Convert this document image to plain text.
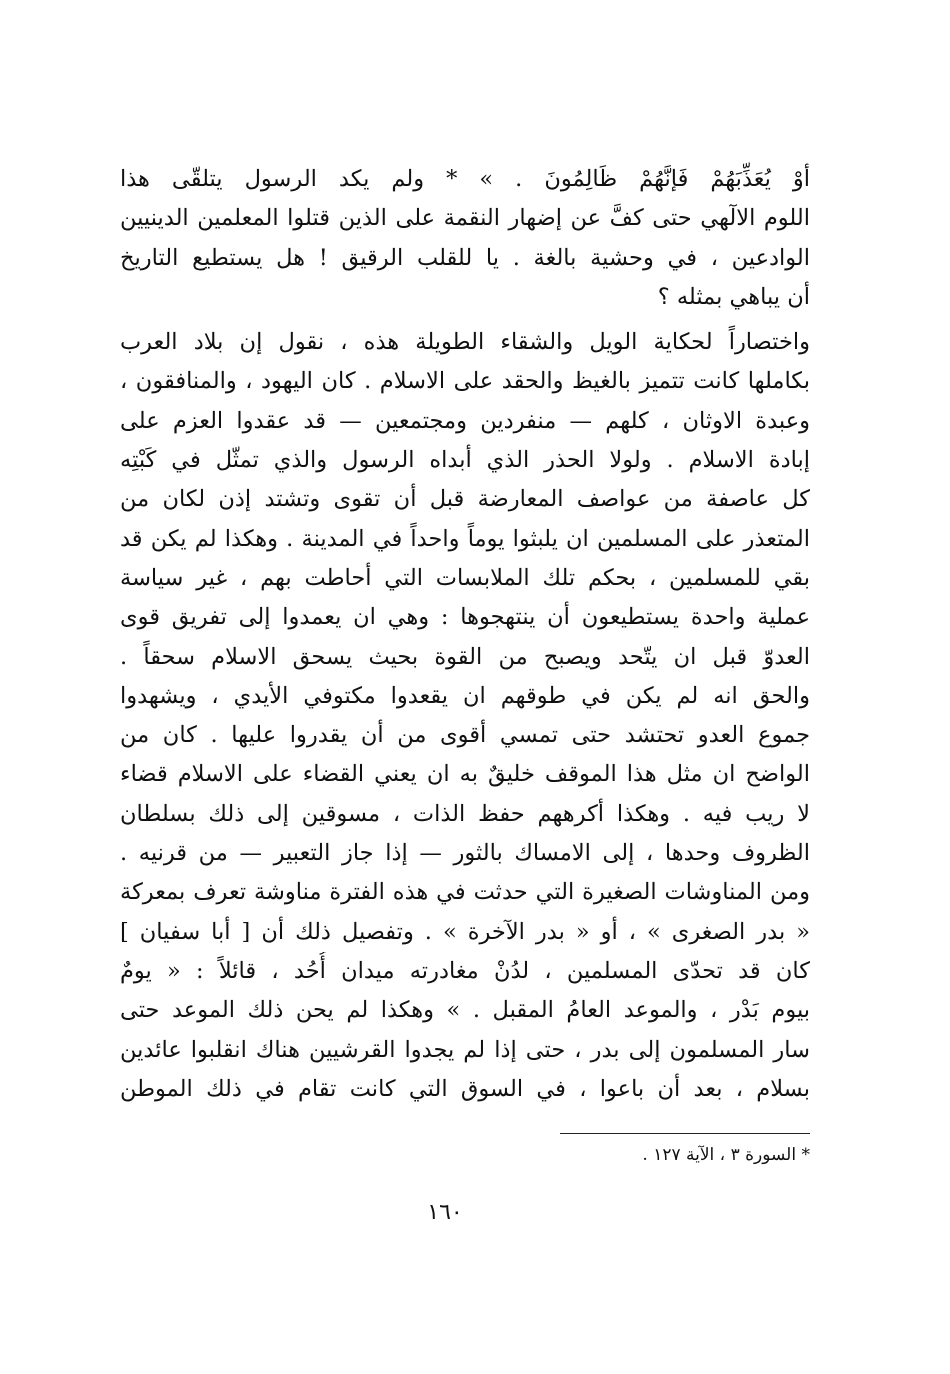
أوْ يُعَذِّبَهُمْ فَإنَّهُمْ ظَالِمُونَ . » * ولم يكد الرسول يتلقّى هذا
اللوم الالٓهي حتى كفَّ عن إضهار النقمة على الذين قتلوا المعلمين الدينيين
الوادعين ، في وحشية بالغة . يا للقلب الرقيق ! هل يستطيع التاريخ
أن يباهي بمثله ؟
واختصاراً لحكاية الويل والشقاء الطويلة هذه ، نقول إن بلاد العرب
بكاملها كانت تتميز بالغيظ والحقد على الاسلام . كان اليهود ، والمنافقون ،
وعبدة الاوثان ، كلهم — منفردين ومجتمعين — قد عقدوا العزم على
إبادة الاسلام . ولولا الحذر الذي أبداه الرسول والذي تمثّل في كَبْتِه
كل عاصفة من عواصف المعارضة قبل أن تقوى وتشتد إذن لكان من
المتعذر على المسلمين ان يلبثوا يوماً واحداً في المدينة . وهكذا لم يكن قد
بقي للمسلمين ، بحكم تلك الملابسات التي أحاطت بهم ، غير سياسة
عملية واحدة يستطيعون أن ينتهجوها : وهي ان يعمدوا إلى تفريق قوى
العدوّ قبل ان يتّحد ويصبح من القوة بحيث يسحق الاسلام سحقاً .
والحق انه لم يكن في طوقهم ان يقعدوا مكتوفي الأيدي ، ويشهدوا
جموع العدو تحتشد حتى تمسي أقوى من أن يقدروا عليها . كان من
الواضح ان مثل هذا الموقف خليقٌ به ان يعني القضاء على الاسلام قضاء
لا ريب فيه . وهكذا أكرههم حفظ الذات ، مسوقين إلى ذلك بسلطان
الظروف وحدها ، إلى الامساك بالثور — إذا جاز التعبير — من قرنيه .
ومن المناوشات الصغيرة التي حدثت في هذه الفترة مناوشة تعرف بمعركة
« بدر الصغرى » ، أو « بدر الآخرة » . وتفصيل ذلك أن [ أبا سفيان ]
كان قد تحدّى المسلمين ، لدُنْ مغادرته ميدان أُحُد ، قائلاً : « يومٌ
بيوم بَدْر ، والموعد العامُ المقبل . » وهكذا لم يحن ذلك الموعد حتى
سار المسلمون إلى بدر ، حتى إذا لم يجدوا القرشيين هناك انقلبوا عائدين
بسلام ، بعد أن باعوا ، في السوق التي كانت تقام في ذلك الموطن
* السورة ٣ ، الآية ١٢٧ .
١٦٠
